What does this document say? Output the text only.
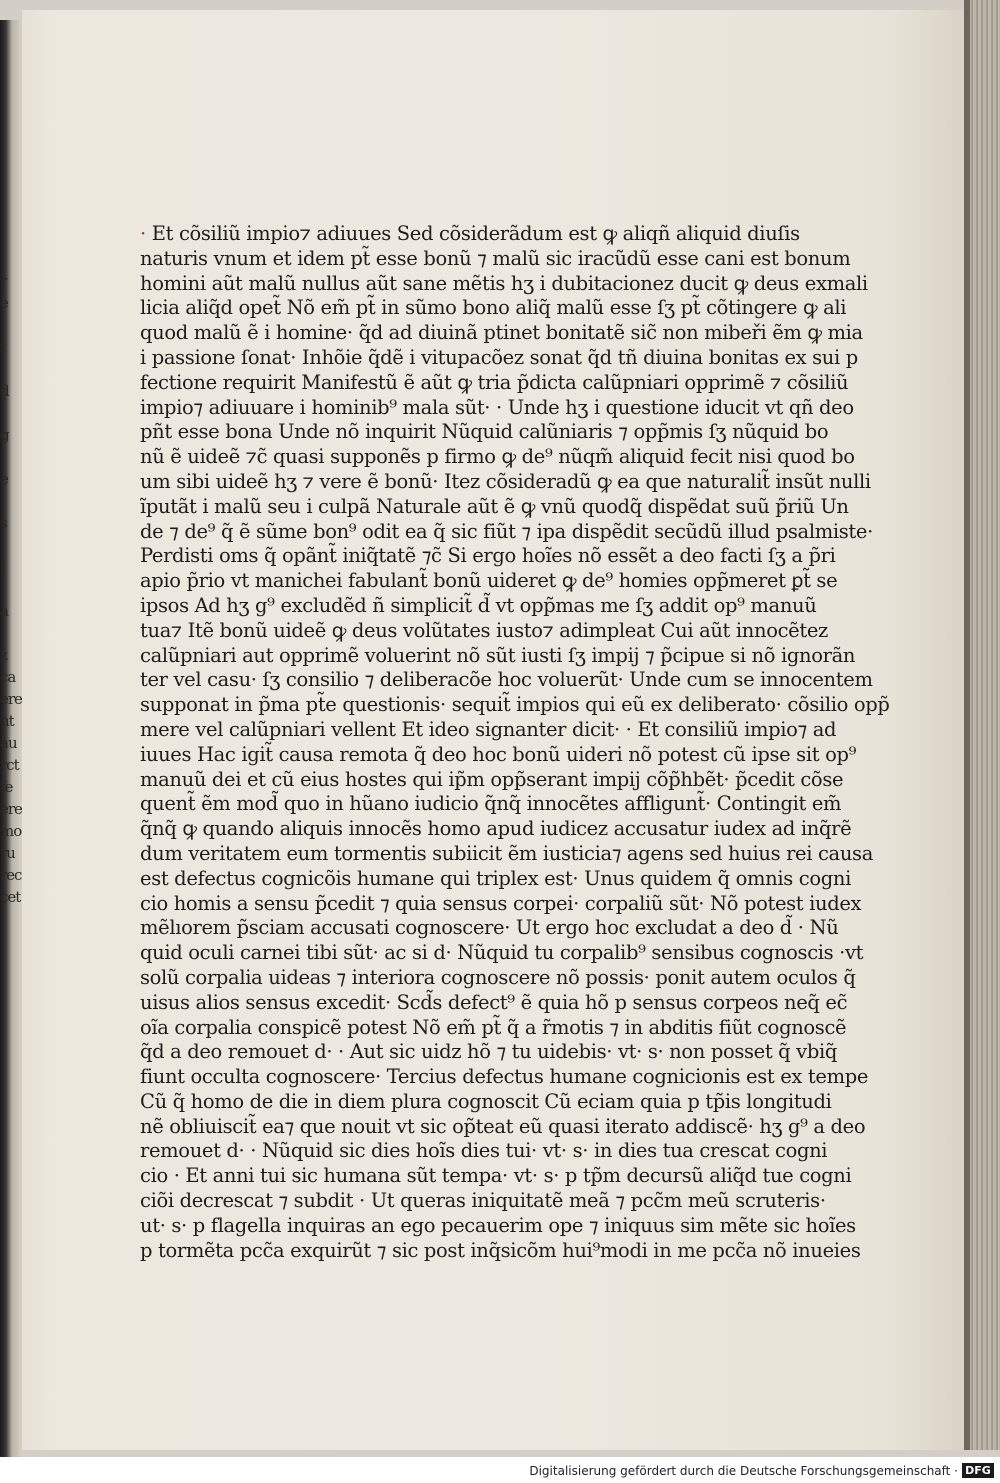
r
e

i

d

g

e

s

i

a

z
ca
ere
nt
au
rct
fe
ere
mo
ru
rec
cet
· Et cõsiliũ impio⁊ adiuues Sed cõsiderãdum est ꝙ aliqñ aliquid diuſis
naturis vnum et idem pt̃ esse bonũ ⁊ malũ sic iracũdũ esse cani est bonum
homini aũt malũ nullus aũt sane mẽtis hʒ i dubitacionez ducit ꝙ deus exmali
licia aliq̃d opet̃ Nõ em̃ pt̃ in sũmo bono aliq̃ malũ esse ſʒ pt̃ cõtingere ꝙ ali
quod malũ ẽ i homine· q̃d ad diuinã ptinet bonitatẽ sic̃ non mibeři ẽm ꝙ mia
i passione ſonat· Inhõie q̃dẽ i vitupacõez sonat q̃d tñ diuina bonitas ex sui p
fectione requirit Manifestũ ẽ aũt ꝙ tria p̃dicta calũpniari opprimẽ ⁊ cõsiliũ
impio⁊ adiuuare i hominib⁹ mala sũt· · Unde hʒ i questione iducit vt qñ deo
pñt esse bona Unde nõ inquirit Nũquid calũniaris ⁊ opp̃mis ſʒ nũquid bo
nũ ẽ uideẽ ⁊c̃ quasi supponẽs p firmo ꝙ de⁹ nũqm̃ aliquid fecit nisi quod bo
um sibi uideẽ hʒ ⁊ vere ẽ bonũ· Itez cõsideradũ ꝙ ea que naturalit̃ insũt nulli
ĩputãt i malũ seu i culpã Naturale aũt ẽ ꝙ vnũ quodq̃ dispẽdat suũ p̃riũ Un
de ⁊ de⁹ q̃ ẽ sũme bon⁹ odit ea q̃ sic fiũt ⁊ ipa dispẽdit secũdũ illud psalmiste·
Perdisti oms q̃ opãnt̃ iniq̃tatẽ ⁊c̃ Si ergo hoĩes nõ essẽt a deo facti ſʒ a p̃ri
apio p̃rio vt manichei fabulant̃ bonũ uideret ꝙ de⁹ homies opp̃meret ꝑt̃ se
ipsos Ad hʒ g⁹ excludẽd ñ simplicit̃ d̃ vt opp̃mas me ſʒ addit op⁹ manuũ
tua⁊ Itẽ bonũ uideẽ ꝙ deus volũtates iusto⁊ adimpleat Cui aũt innocẽtez
calũpniari aut opprimẽ voluerint nõ sũt iusti ſʒ impij ⁊ p̃cipue si nõ ignorãn
ter vel casu· ſʒ consilio ⁊ deliberacõe hoc voluerũt· Unde cum se innocentem
supponat in p̃ma pt̃e questionis· sequit̃ impios qui eũ ex deliberato· cõsilio opp̃
mere vel calũpniari vellent Et ideo signanter dicit· · Et consiliũ impio⁊ ad
iuues Hac igit̃ causa remota q̃ deo hoc bonũ uideri nõ potest cũ ipse sit op⁹
manuũ dei et cũ eius hostes qui ip̃m opp̃serant impij cõp̃hbẽt· p̃cedit cõse
quent̃ ẽm mod̃ quo in hũano iudicio q̃nq̃ innocẽtes affligunt̃· Contingit em̃
q̃nq̃ ꝙ quando aliquis innocẽs homo apud iudicez accusatur iudex ad inq̃rẽ
dum veritatem eum tormentis subiicit ẽm iusticia⁊ agens sed huius rei causa
est defectus cognicõis humane qui triplex est· Unus quidem q̃ omnis cogni
cio homis a sensu p̃cedit ⁊ quia sensus corpei· corpaliũ sũt· Nõ potest iudex
mẽlıorem p̃sciam accusati cognoscere· Ut ergo hoc excludat a deo d̃ · Nũ
quid oculi carnei tibi sũt· ac si d· Nũquid tu corpalib⁹ sensibus cognoscis ·vt
solũ corpalia uideas ⁊ interiora cognoscere nõ possis· ponit autem oculos q̃
uisus alios sensus excedit· Scd̃s defect⁹ ẽ quia hõ p sensus corpeos neq̃ ec̃
oĩa corpalia conspicẽ potest Nõ em̃ pt̃ q̃ a r̃motis ⁊ in abditis fiũt cognoscẽ
q̃d a deo remouet d· · Aut sic uidz hõ ⁊ tu uidebis· vt· s· non posset q̃ vbiq̃
fiunt occulta cognoscere· Tercius defectus humane cognicionis est ex tempe
Cũ q̃ homo de die in diem plura cognoscit Cũ eciam quia p tp̃is longitudi
nẽ obliuiscit̃ ea⁊ que nouit vt sic op̃teat eũ quasi iterato addiscẽ· hʒ g⁹ a deo
remouet d· · Nũquid sic dies hoĩs dies tui· vt· s· in dies tua crescat cogni
cio · Et anni tui sic humana sũt tempa· vt· s· p tp̃m decursũ aliq̃d tue cogni
ciõi decrescat ⁊ subdit · Ut queras iniquitatẽ meã ⁊ pcc̃m meũ scruteris·
ut· s· p flagella inquiras an ego pecauerim ope ⁊ iniquus sim mẽte sic hoĩes
p tormẽta pcc̃a exquirũt ⁊ sic post inq̃sicõm hui⁹modi in me pcc̃a nõ inueies
Digitalisierung gefördert durch die Deutsche Forschungsgemeinschaft · DFG
